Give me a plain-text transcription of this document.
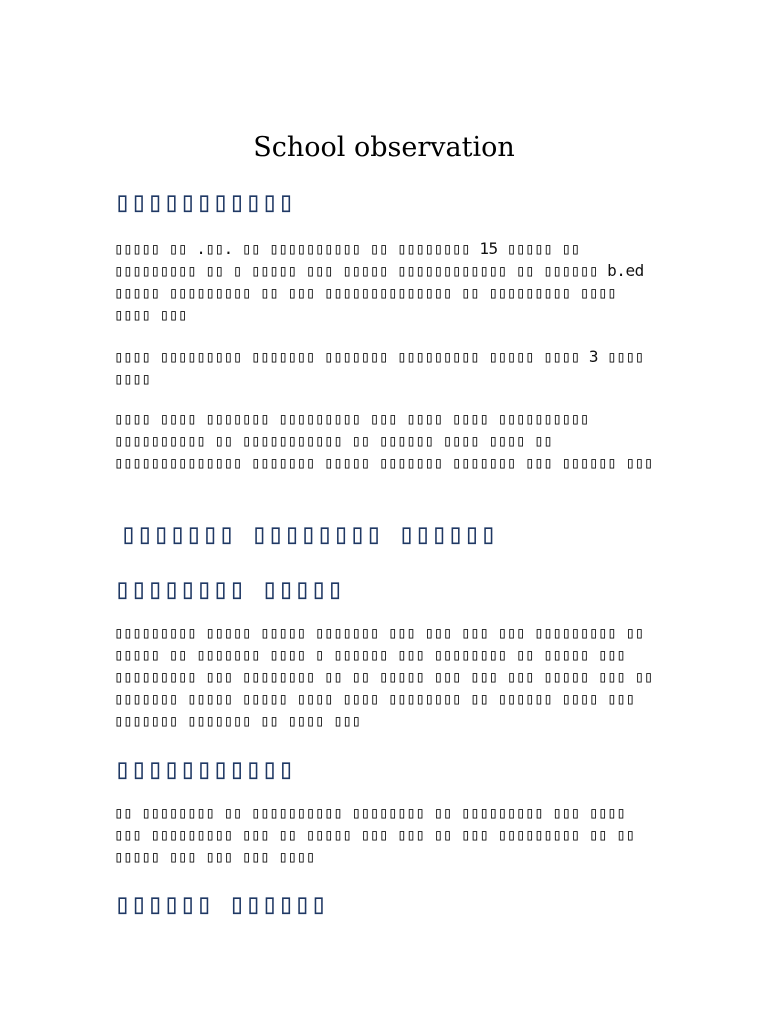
School observation
▯▯▯▯▯▯▯▯▯▯▯

▯▯▯▯▯ ▯▯ .▯▯. ▯▯ ▯▯▯▯▯▯▯▯▯▯ ▯▯ ▯▯▯▯▯▯▯▯ 15 ▯▯▯▯▯ ▯▯ ▯▯▯▯▯▯▯▯▯ ▯▯ ▯ ▯▯▯▯▯ ▯▯▯ ▯▯▯▯▯ ▯▯▯▯▯▯▯▯▯▯▯▯ ▯▯ ▯▯▯▯▯▯ b.ed ▯▯▯▯▯ ▯▯▯▯▯▯▯▯▯ ▯▯ ▯▯▯ ▯▯▯▯▯▯▯▯▯▯▯▯▯▯ ▯▯ ▯▯▯▯▯▯▯▯▯ ▯▯▯▯ ▯▯▯▯ ▯▯▯

▯▯▯▯ ▯▯▯▯▯▯▯▯▯ ▯▯▯▯▯▯▯ ▯▯▯▯▯▯▯ ▯▯▯▯▯▯▯▯▯ ▯▯▯▯▯ ▯▯▯▯ 3 ▯▯▯▯ ▯▯▯▯

▯▯▯▯ ▯▯▯▯ ▯▯▯▯▯▯▯ ▯▯▯▯▯▯▯▯▯ ▯▯▯ ▯▯▯▯ ▯▯▯▯ ▯▯▯▯▯▯▯▯▯▯ ▯▯▯▯▯▯▯▯▯▯ ▯▯ ▯▯▯▯▯▯▯▯▯▯▯ ▯▯ ▯▯▯▯▯▯ ▯▯▯▯ ▯▯▯▯ ▯▯ ▯▯▯▯▯▯▯▯▯▯▯▯▯▯ ▯▯▯▯▯▯▯ ▯▯▯▯▯ ▯▯▯▯▯▯▯ ▯▯▯▯▯▯▯ ▯▯▯ ▯▯▯▯▯▯ ▯▯▯

▯▯▯▯▯▯▯ ▯▯▯▯▯▯▯▯ ▯▯▯▯▯▯
▯▯▯▯▯▯▯▯ ▯▯▯▯▯

▯▯▯▯▯▯▯▯▯ ▯▯▯▯▯ ▯▯▯▯▯ ▯▯▯▯▯▯▯ ▯▯▯ ▯▯▯ ▯▯▯ ▯▯▯ ▯▯▯▯▯▯▯▯▯ ▯▯ ▯▯▯▯▯ ▯▯ ▯▯▯▯▯▯▯ ▯▯▯▯ ▯ ▯▯▯▯▯▯ ▯▯▯ ▯▯▯▯▯▯▯▯ ▯▯ ▯▯▯▯▯ ▯▯▯ ▯▯▯▯▯▯▯▯▯ ▯▯▯ ▯▯▯▯▯▯▯▯ ▯▯ ▯▯ ▯▯▯▯▯ ▯▯▯ ▯▯▯ ▯▯▯ ▯▯▯▯▯ ▯▯▯ ▯▯ ▯▯▯▯▯▯▯ ▯▯▯▯▯ ▯▯▯▯▯ ▯▯▯▯ ▯▯▯▯ ▯▯▯▯▯▯▯▯ ▯▯ ▯▯▯▯▯▯ ▯▯▯▯ ▯▯▯ ▯▯▯▯▯▯▯ ▯▯▯▯▯▯▯ ▯▯ ▯▯▯▯ ▯▯▯

▯▯▯▯▯▯▯▯▯▯▯

▯▯ ▯▯▯▯▯▯▯▯ ▯▯ ▯▯▯▯▯▯▯▯▯▯ ▯▯▯▯▯▯▯▯ ▯▯ ▯▯▯▯▯▯▯▯▯ ▯▯▯ ▯▯▯▯ ▯▯▯ ▯▯▯▯▯▯▯▯▯ ▯▯▯ ▯▯ ▯▯▯▯▯ ▯▯▯ ▯▯▯ ▯▯ ▯▯▯ ▯▯▯▯▯▯▯▯▯ ▯▯ ▯▯ ▯▯▯▯▯ ▯▯▯ ▯▯▯ ▯▯▯ ▯▯▯▯

▯▯▯▯▯▯ ▯▯▯▯▯▯
